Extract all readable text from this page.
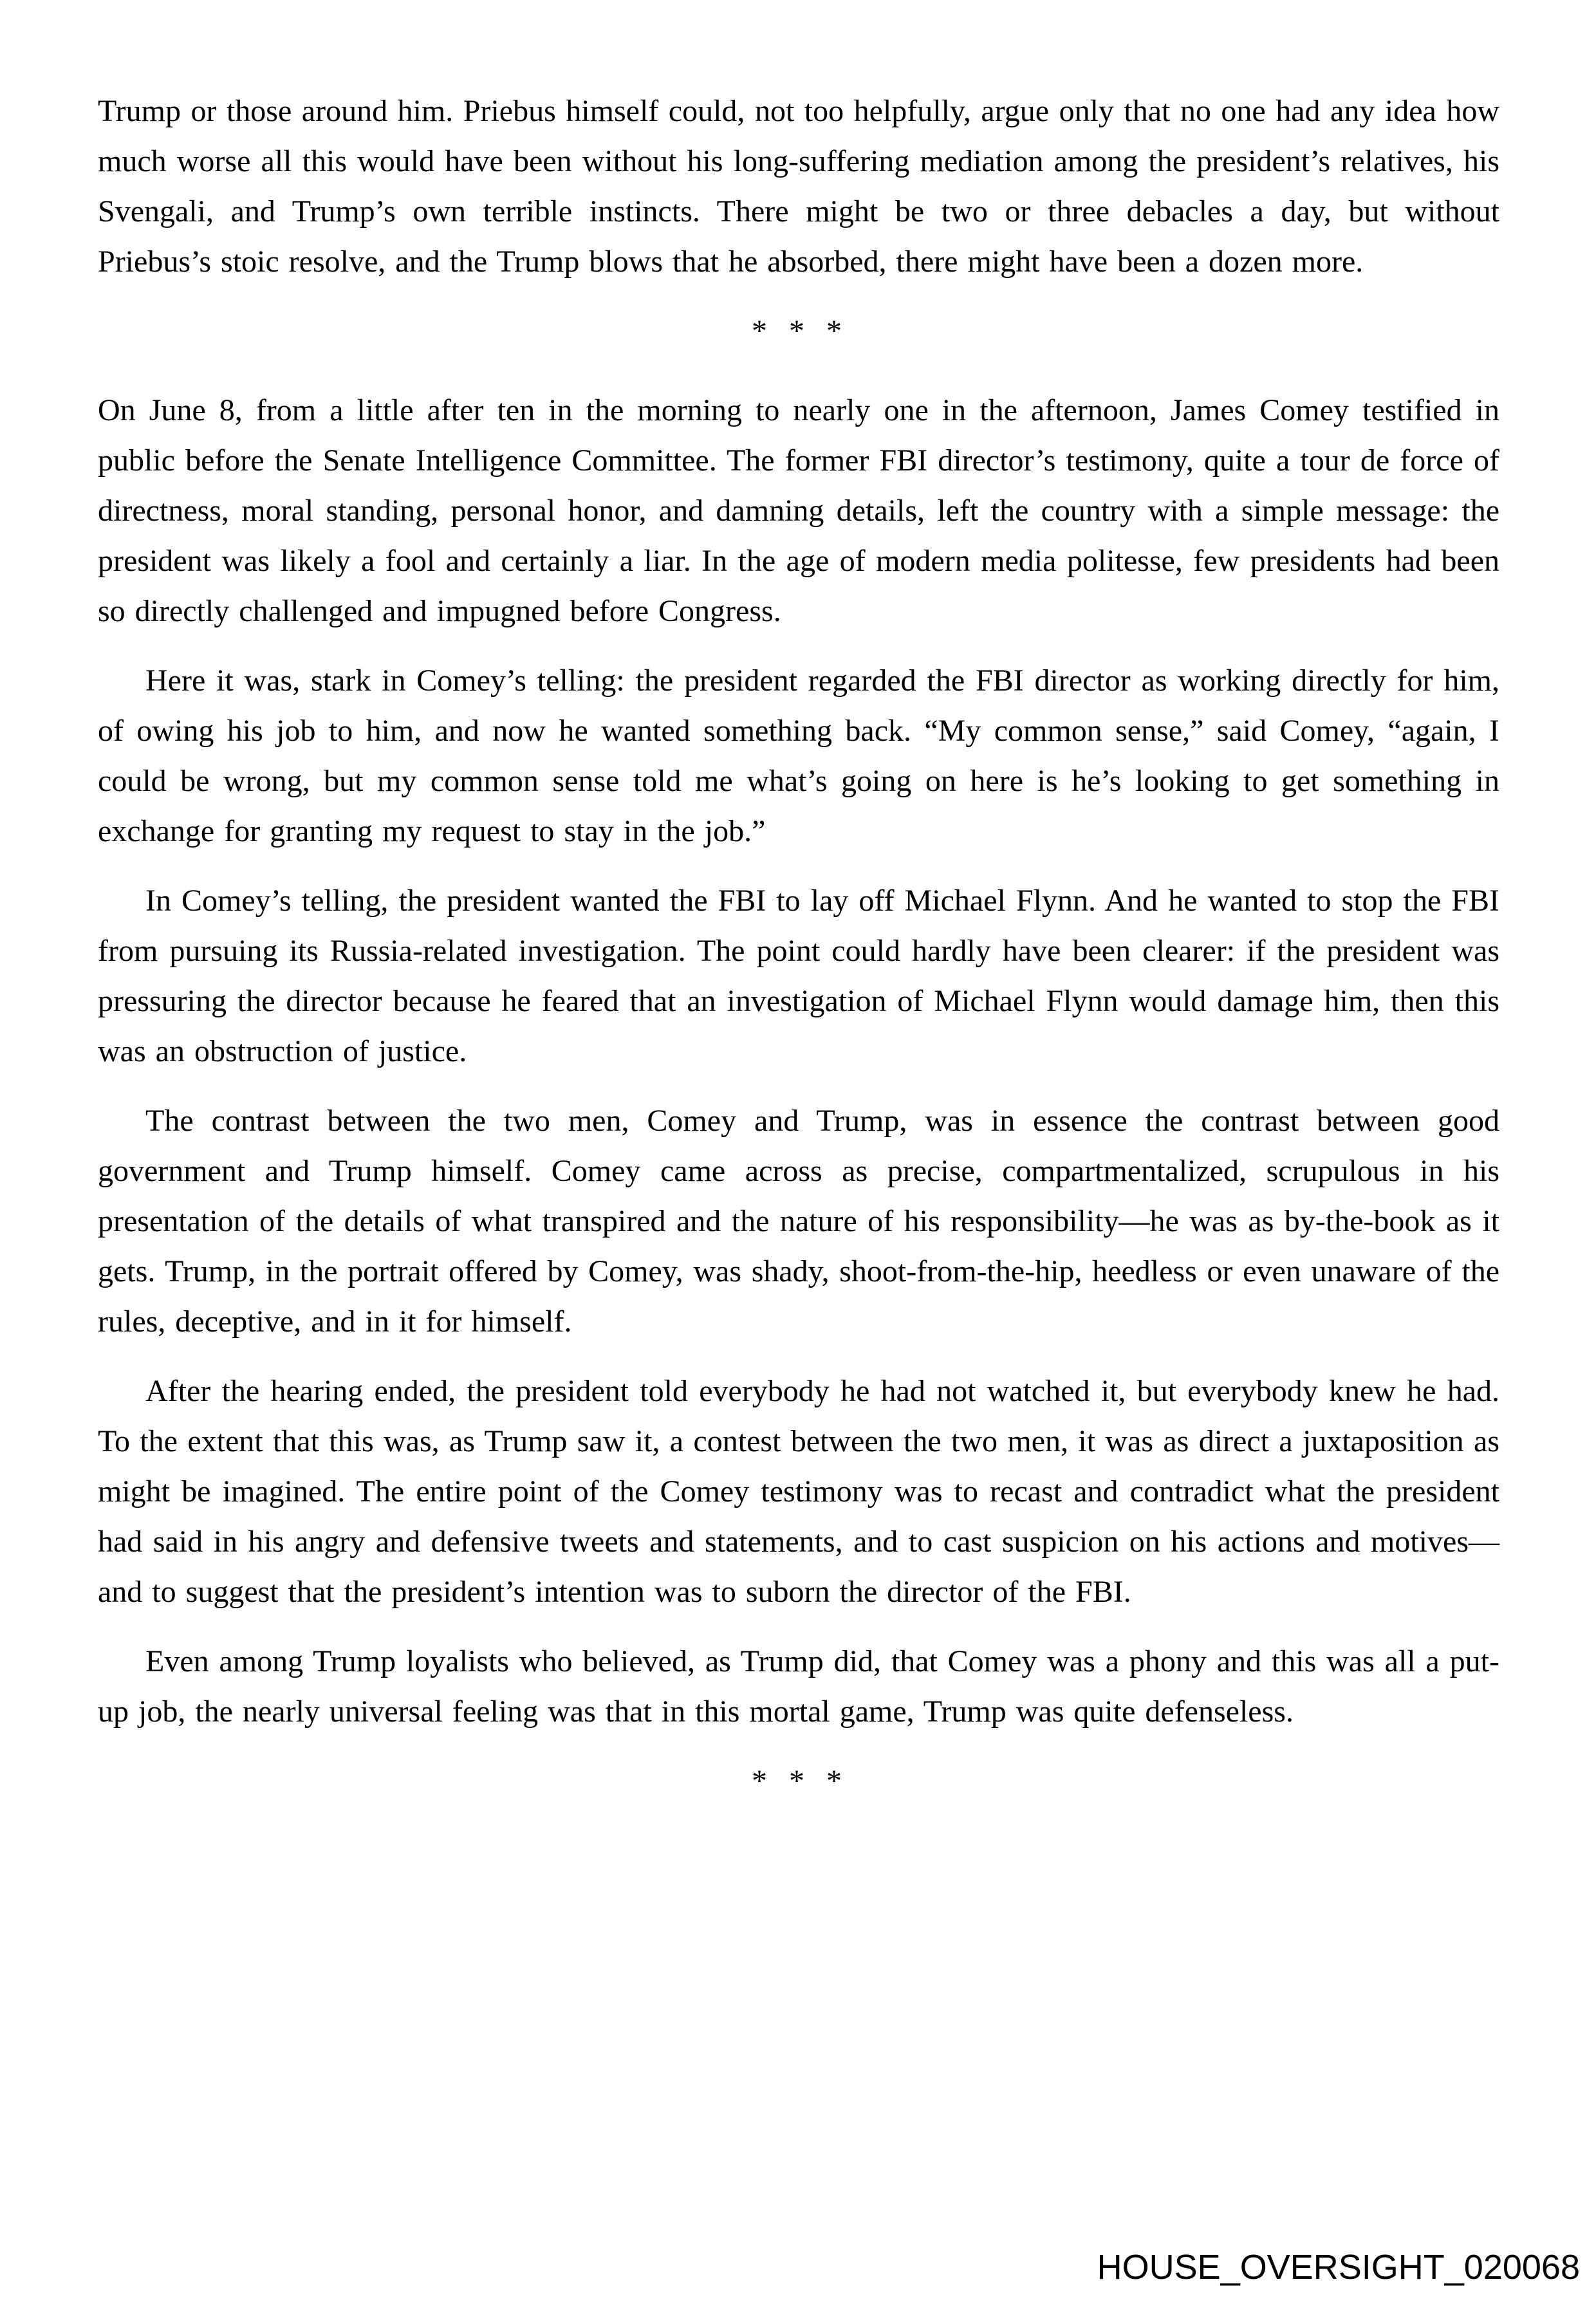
Trump or those around him. Priebus himself could, not too helpfully, argue only that no one had any idea how much worse all this would have been without his long-suffering mediation among the president’s relatives, his Svengali, and Trump’s own terrible instincts. There might be two or three debacles a day, but without Priebus’s stoic resolve, and the Trump blows that he absorbed, there might have been a dozen more.

* * *

On June 8, from a little after ten in the morning to nearly one in the afternoon, James Comey testified in public before the Senate Intelligence Committee. The former FBI director’s testimony, quite a tour de force of directness, moral standing, personal honor, and damning details, left the country with a simple message: the president was likely a fool and certainly a liar. In the age of modern media politesse, few presidents had been so directly challenged and impugned before Congress.

Here it was, stark in Comey’s telling: the president regarded the FBI director as working directly for him, of owing his job to him, and now he wanted something back. “My common sense,” said Comey, “again, I could be wrong, but my common sense told me what’s going on here is he’s looking to get something in exchange for granting my request to stay in the job.”

In Comey’s telling, the president wanted the FBI to lay off Michael Flynn. And he wanted to stop the FBI from pursuing its Russia-related investigation. The point could hardly have been clearer: if the president was pressuring the director because he feared that an investigation of Michael Flynn would damage him, then this was an obstruction of justice.

The contrast between the two men, Comey and Trump, was in essence the contrast between good government and Trump himself. Comey came across as precise, compartmentalized, scrupulous in his presentation of the details of what transpired and the nature of his responsibility—he was as by-the-book as it gets. Trump, in the portrait offered by Comey, was shady, shoot-from-the-hip, heedless or even unaware of the rules, deceptive, and in it for himself.

After the hearing ended, the president told everybody he had not watched it, but everybody knew he had. To the extent that this was, as Trump saw it, a contest between the two men, it was as direct a juxtaposition as might be imagined. The entire point of the Comey testimony was to recast and contradict what the president had said in his angry and defensive tweets and statements, and to cast suspicion on his actions and motives—and to suggest that the president’s intention was to suborn the director of the FBI.

Even among Trump loyalists who believed, as Trump did, that Comey was a phony and this was all a put-up job, the nearly universal feeling was that in this mortal game, Trump was quite defenseless.

* * *
HOUSE_OVERSIGHT_020068
